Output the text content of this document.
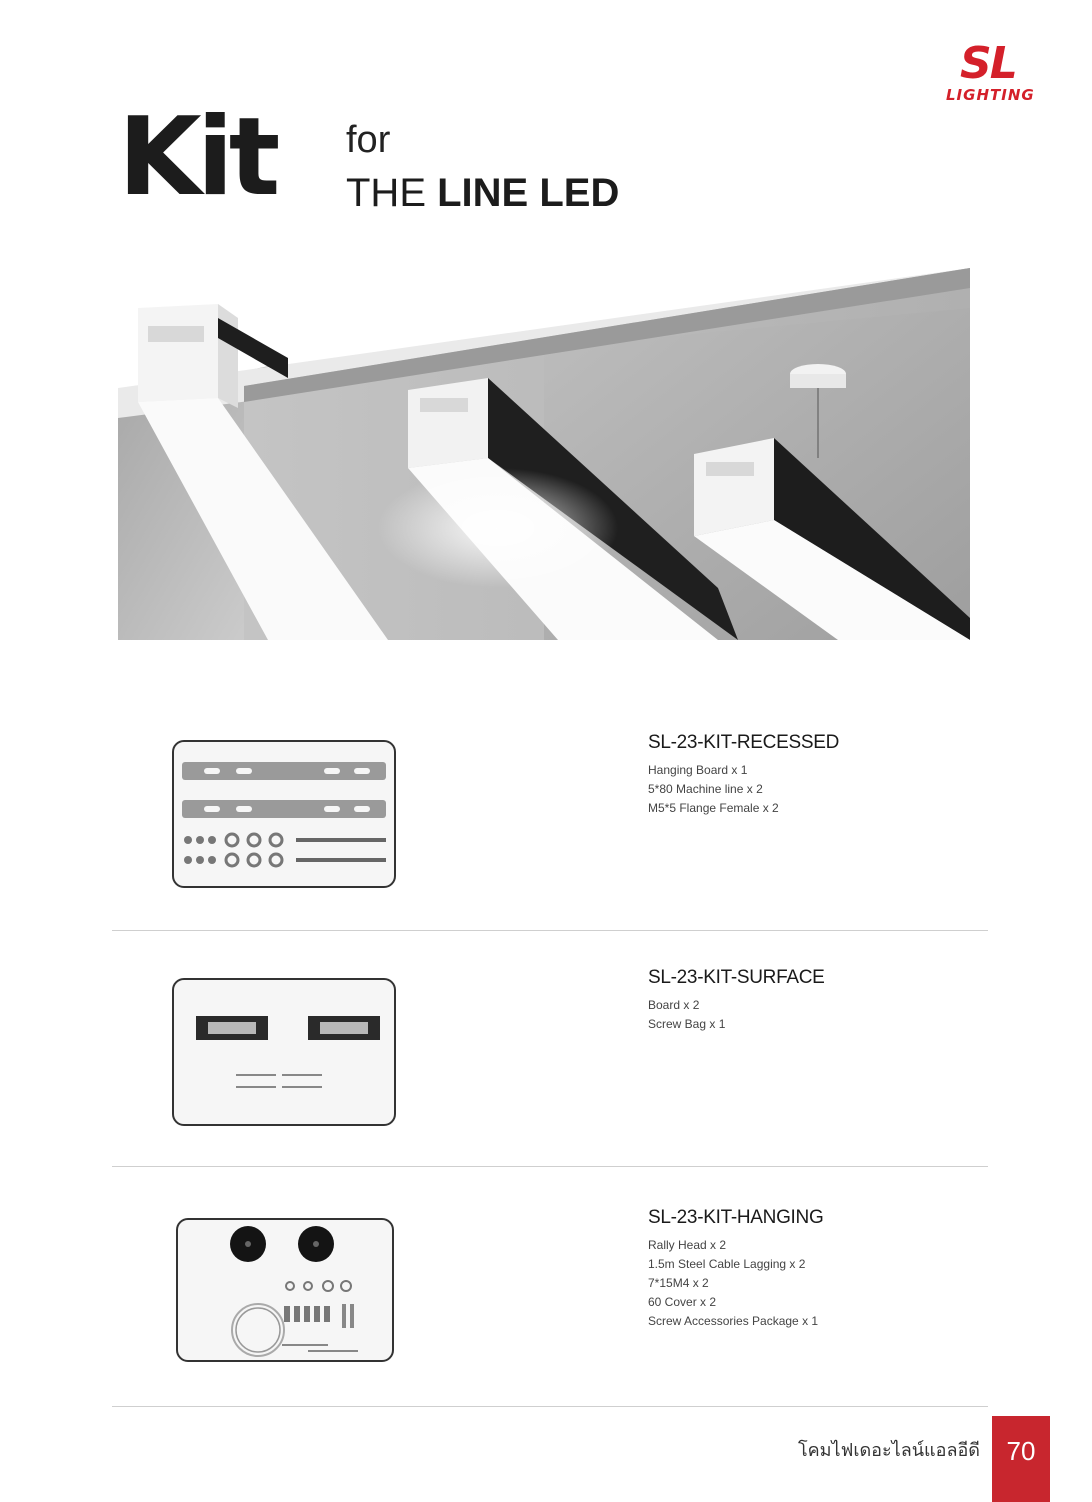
SL
LIGHTING
Kit for
THE LINE LED
SL-23-KIT-RECESSED
Hanging Board x 1
5*80 Machine line x 2
M5*5 Flange Female x 2
SL-23-KIT-SURFACE
Board x 2
Screw Bag x 1
SL-23-KIT-HANGING
Rally Head x 2
1.5m Steel Cable Lagging x 2
7*15M4 x 2
60 Cover x 2
Screw Accessories Package x 1
โคมไฟเดอะไลน์แอลอีดี	70
